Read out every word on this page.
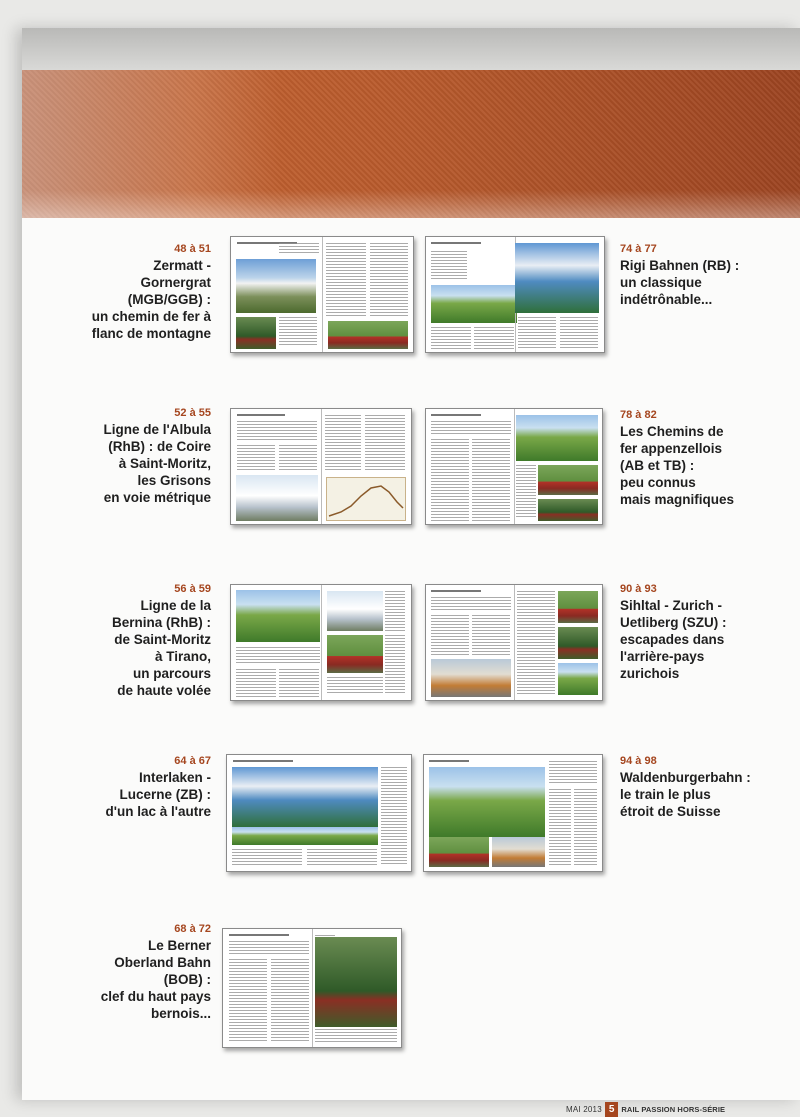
48 à 51
Zermatt -
Gornergrat
(MGB/GGB) :
un chemin de fer à
flanc de montagne
74 à 77
Rigi Bahnen (RB) :
un classique
indétrônable...
52 à 55
Ligne de l'Albula
(RhB) : de Coire
à Saint-Moritz,
les Grisons
en voie métrique
78 à 82
Les Chemins de
fer appenzellois
(AB et TB) :
peu connus
mais magnifiques
56 à 59
Ligne de la
Bernina (RhB) :
de Saint-Moritz
à Tirano,
un parcours
de haute volée
90 à 93
Sihltal - Zurich -
Uetliberg (SZU) :
escapades dans
l'arrière-pays
zurichois
64 à 67
Interlaken -
Lucerne (ZB) :
d'un lac à l'autre
94 à 98
Waldenburgerbahn :
le train le plus
étroit de Suisse
68 à 72
Le Berner
Oberland Bahn
(BOB) :
clef du haut pays
bernois...
MAI 2013 5 RAIL PASSION HORS-SÉRIE
